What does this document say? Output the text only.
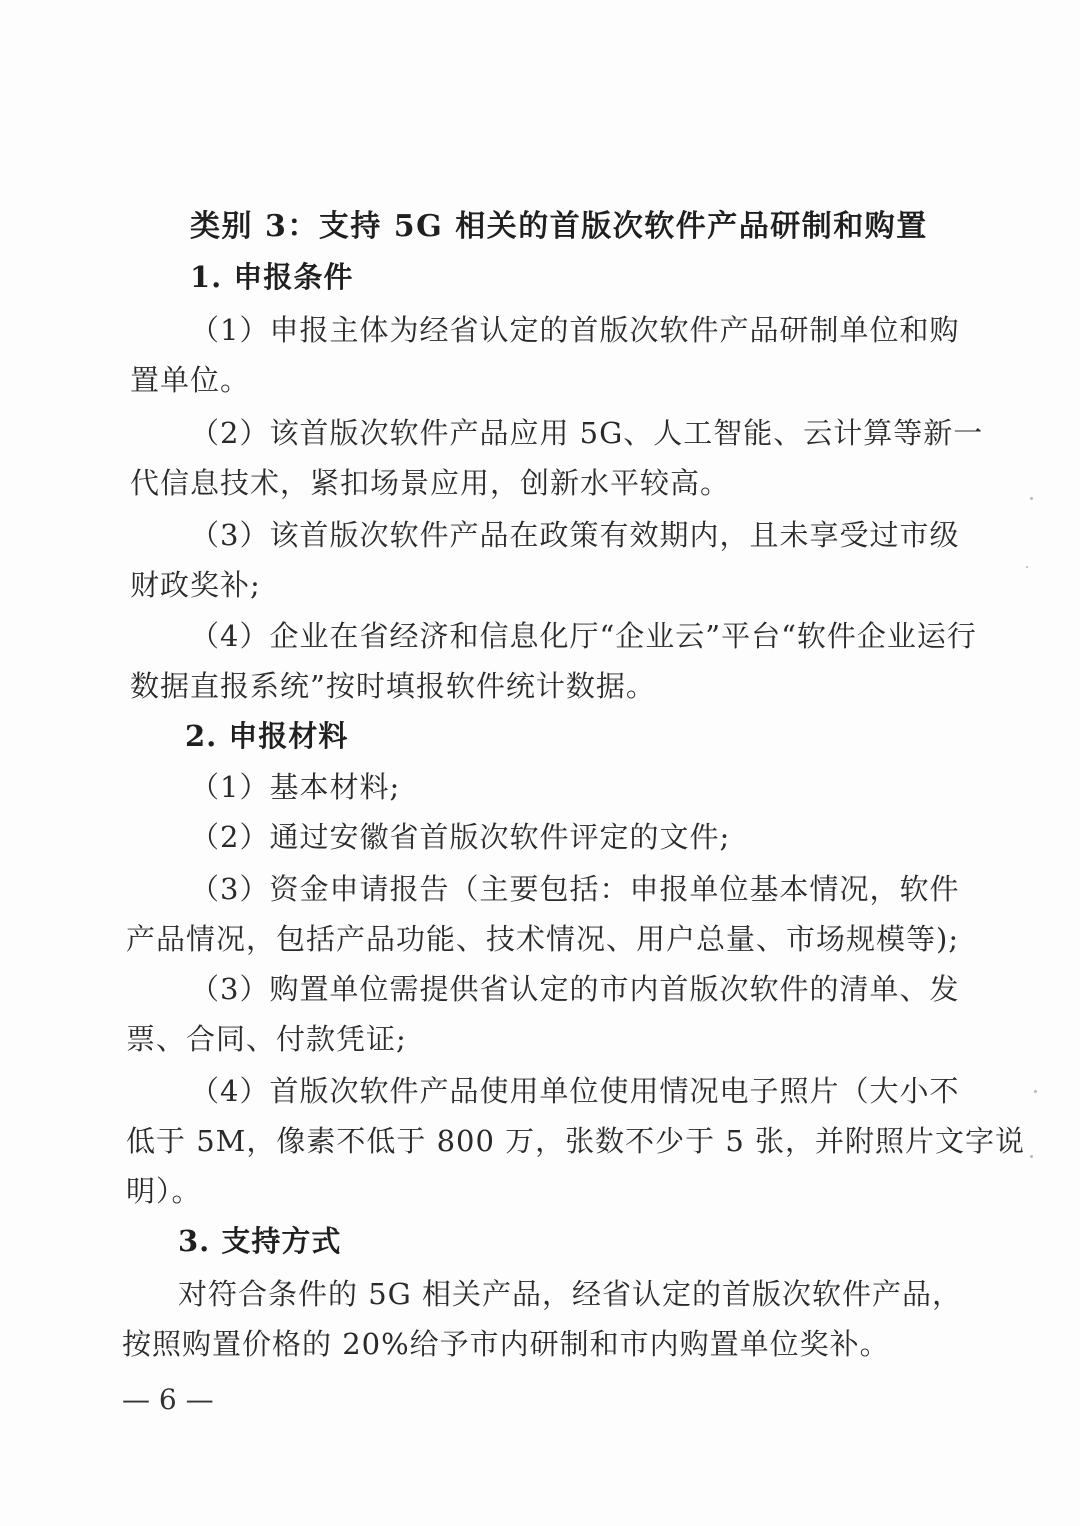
类别 3：支持 5G 相关的首版次软件产品研制和购置
1. 申报条件
（1）申报主体为经省认定的首版次软件产品研制单位和购
置单位。
（2）该首版次软件产品应用 5G、人工智能、云计算等新一
代信息技术，紧扣场景应用，创新水平较高。
（3）该首版次软件产品在政策有效期内，且未享受过市级
财政奖补;
（4）企业在省经济和信息化厅“企业云”平台“软件企业运行
数据直报系统”按时填报软件统计数据。
2. 申报材料
（1）基本材料;
（2）通过安徽省首版次软件评定的文件;
（3）资金申请报告（主要包括：申报单位基本情况，软件
产品情况，包括产品功能、技术情况、用户总量、市场规模等);
（3）购置单位需提供省认定的市内首版次软件的清单、发
票、合同、付款凭证;
（4）首版次软件产品使用单位使用情况电子照片（大小不
低于 5M，像素不低于 800 万，张数不少于 5 张，并附照片文字说
明）。
3. 支持方式
对符合条件的 5G 相关产品，经省认定的首版次软件产品，
按照购置价格的 20%给予市内研制和市内购置单位奖补。
— 6 —
